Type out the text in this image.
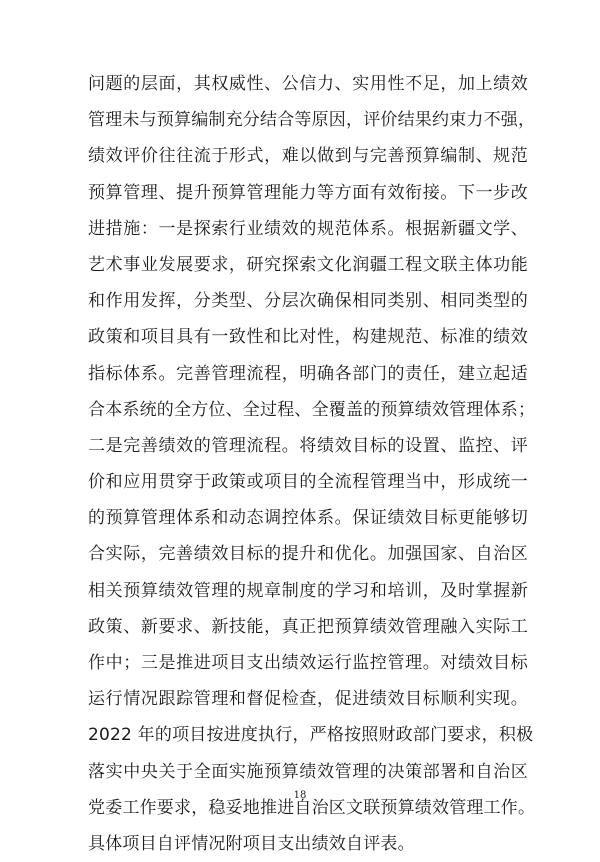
问题的层面，其权威性、公信力、实用性不足，加上绩效
管理未与预算编制充分结合等原因，评价结果约束力不强，
绩效评价往往流于形式，难以做到与完善预算编制、规范
预算管理、提升预算管理能力等方面有效衔接。下一步改
进措施：一是探索行业绩效的规范体系。根据新疆文学、
艺术事业发展要求，研究探索文化润疆工程文联主体功能
和作用发挥，分类型、分层次确保相同类别、相同类型的
政策和项目具有一致性和比对性，构建规范、标准的绩效
指标体系。完善管理流程，明确各部门的责任，建立起适
合本系统的全方位、全过程、全覆盖的预算绩效管理体系；
二是完善绩效的管理流程。将绩效目标的设置、监控、评
价和应用贯穿于政策或项目的全流程管理当中，形成统一
的预算管理体系和动态调控体系。保证绩效目标更能够切
合实际，完善绩效目标的提升和优化。加强国家、自治区
相关预算绩效管理的规章制度的学习和培训，及时掌握新
政策、新要求、新技能，真正把预算绩效管理融入实际工
作中；三是推进项目支出绩效运行监控管理。对绩效目标
运行情况跟踪管理和督促检查，促进绩效目标顺利实现。
2022 年的项目按进度执行，严格按照财政部门要求，积极
落实中央关于全面实施预算绩效管理的决策部署和自治区
党委工作要求，稳妥地推进自治区文联预算绩效管理工作。
具体项目自评情况附项目支出绩效自评表。
18
